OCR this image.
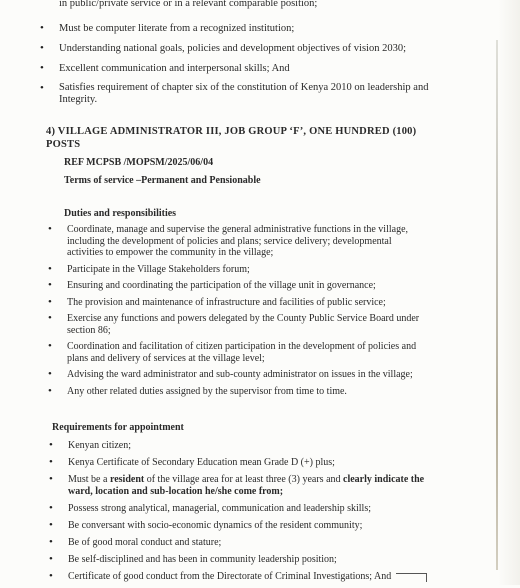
in public/private service or in a relevant comparable position;
• Must be computer literate from a recognized institution;
• Understanding national goals, policies and development objectives of vision 2030;
• Excellent communication and interpersonal skills; And
• Satisfies requirement of chapter six of the constitution of Kenya 2010 on leadership and Integrity.
4) VILLAGE ADMINISTRATOR III, JOB GROUP ‘F’, ONE HUNDRED (100) POSTS
REF MCPSB /MOPSM/2025/06/04
Terms of service –Permanent and Pensionable
Duties and responsibilities
• Coordinate, manage and supervise the general administrative functions in the village, including the development of policies and plans; service delivery; developmental activities to empower the community in the village;
• Participate in the Village Stakeholders forum;
• Ensuring and coordinating the participation of the village unit in governance;
• The provision and maintenance of infrastructure and facilities of public service;
• Exercise any functions and powers delegated by the County Public Service Board under section 86;
• Coordination and facilitation of citizen participation in the development of policies and plans and delivery of services at the village level;
• Advising the ward administrator and sub-county administrator on issues in the village;
• Any other related duties assigned by the supervisor from time to time.
Requirements for appointment
• Kenyan citizen;
• Kenya Certificate of Secondary Education mean Grade D (+) plus;
• Must be a resident of the village area for at least three (3) years and clearly indicate the ward, location and sub-location he/she come from;
• Possess strong analytical, managerial, communication and leadership skills;
• Be conversant with socio-economic dynamics of the resident community;
• Be of good moral conduct and stature;
• Be self-disciplined and has been in community leadership position;
• Certificate of good conduct from the Directorate of Criminal Investigations; And
